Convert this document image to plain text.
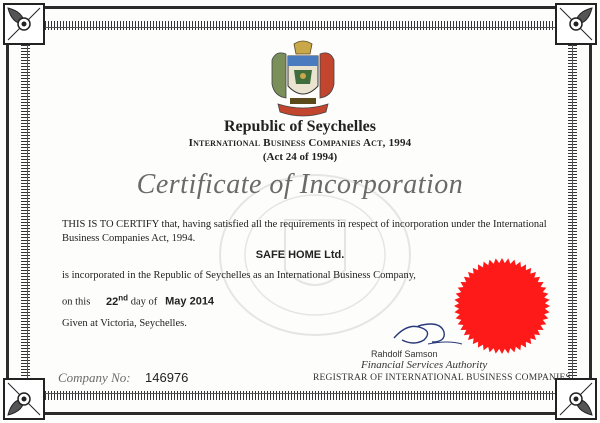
Republic of Seychelles
International Business Companies Act, 1994
(Act 24 of 1994)
Certificate of Incorporation
THIS IS TO CERTIFY that, having satisfied all the requirements in respect of incorporation under the International Business Companies Act, 1994.
SAFE HOME Ltd.
is incorporated in the Republic of Seychelles as an International Business Company,
on this 22nd day of May 2014
Given at Victoria, Seychelles.
Rahdolf Samson
Financial Services Authority
REGISTRAR OF INTERNATIONAL BUSINESS COMPANIES
Company No: 146976
